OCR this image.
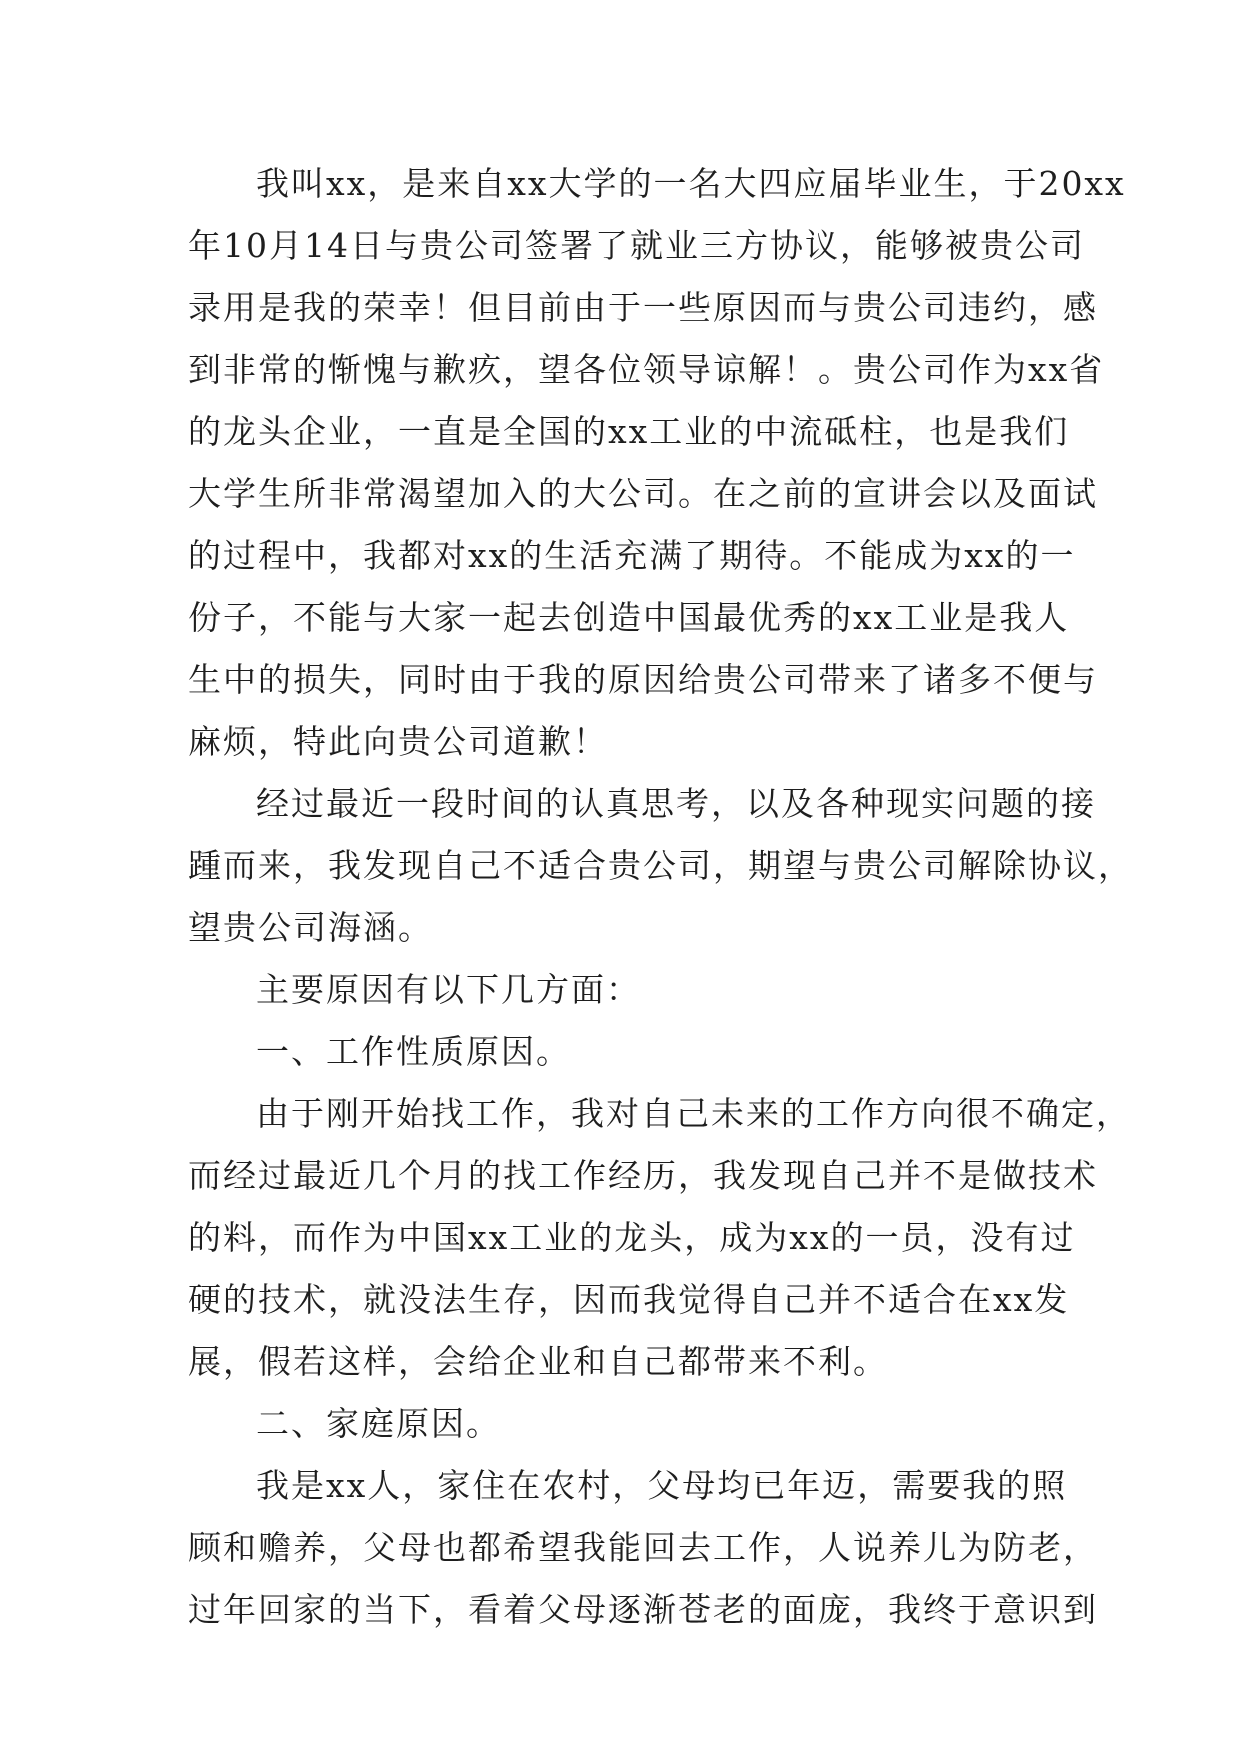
我叫xx，是来自xx大学的一名大四应届毕业生，于20xx
年10月14日与贵公司签署了就业三方协议，能够被贵公司
录用是我的荣幸！但目前由于一些原因而与贵公司违约，感
到非常的惭愧与歉疚，望各位领导谅解！。贵公司作为xx省
的龙头企业，一直是全国的xx工业的中流砥柱，也是我们
大学生所非常渴望加入的大公司。在之前的宣讲会以及面试
的过程中，我都对xx的生活充满了期待。不能成为xx的一
份子，不能与大家一起去创造中国最优秀的xx工业是我人
生中的损失，同时由于我的原因给贵公司带来了诸多不便与
麻烦，特此向贵公司道歉！
经过最近一段时间的认真思考，以及各种现实问题的接
踵而来，我发现自己不适合贵公司，期望与贵公司解除协议，
望贵公司海涵。
主要原因有以下几方面：
一、工作性质原因。
由于刚开始找工作，我对自己未来的工作方向很不确定，
而经过最近几个月的找工作经历，我发现自己并不是做技术
的料，而作为中国xx工业的龙头，成为xx的一员，没有过
硬的技术，就没法生存，因而我觉得自己并不适合在xx发
展，假若这样，会给企业和自己都带来不利。
二、家庭原因。
我是xx人，家住在农村，父母均已年迈，需要我的照
顾和赡养，父母也都希望我能回去工作，人说养儿为防老，
过年回家的当下，看着父母逐渐苍老的面庞，我终于意识到
